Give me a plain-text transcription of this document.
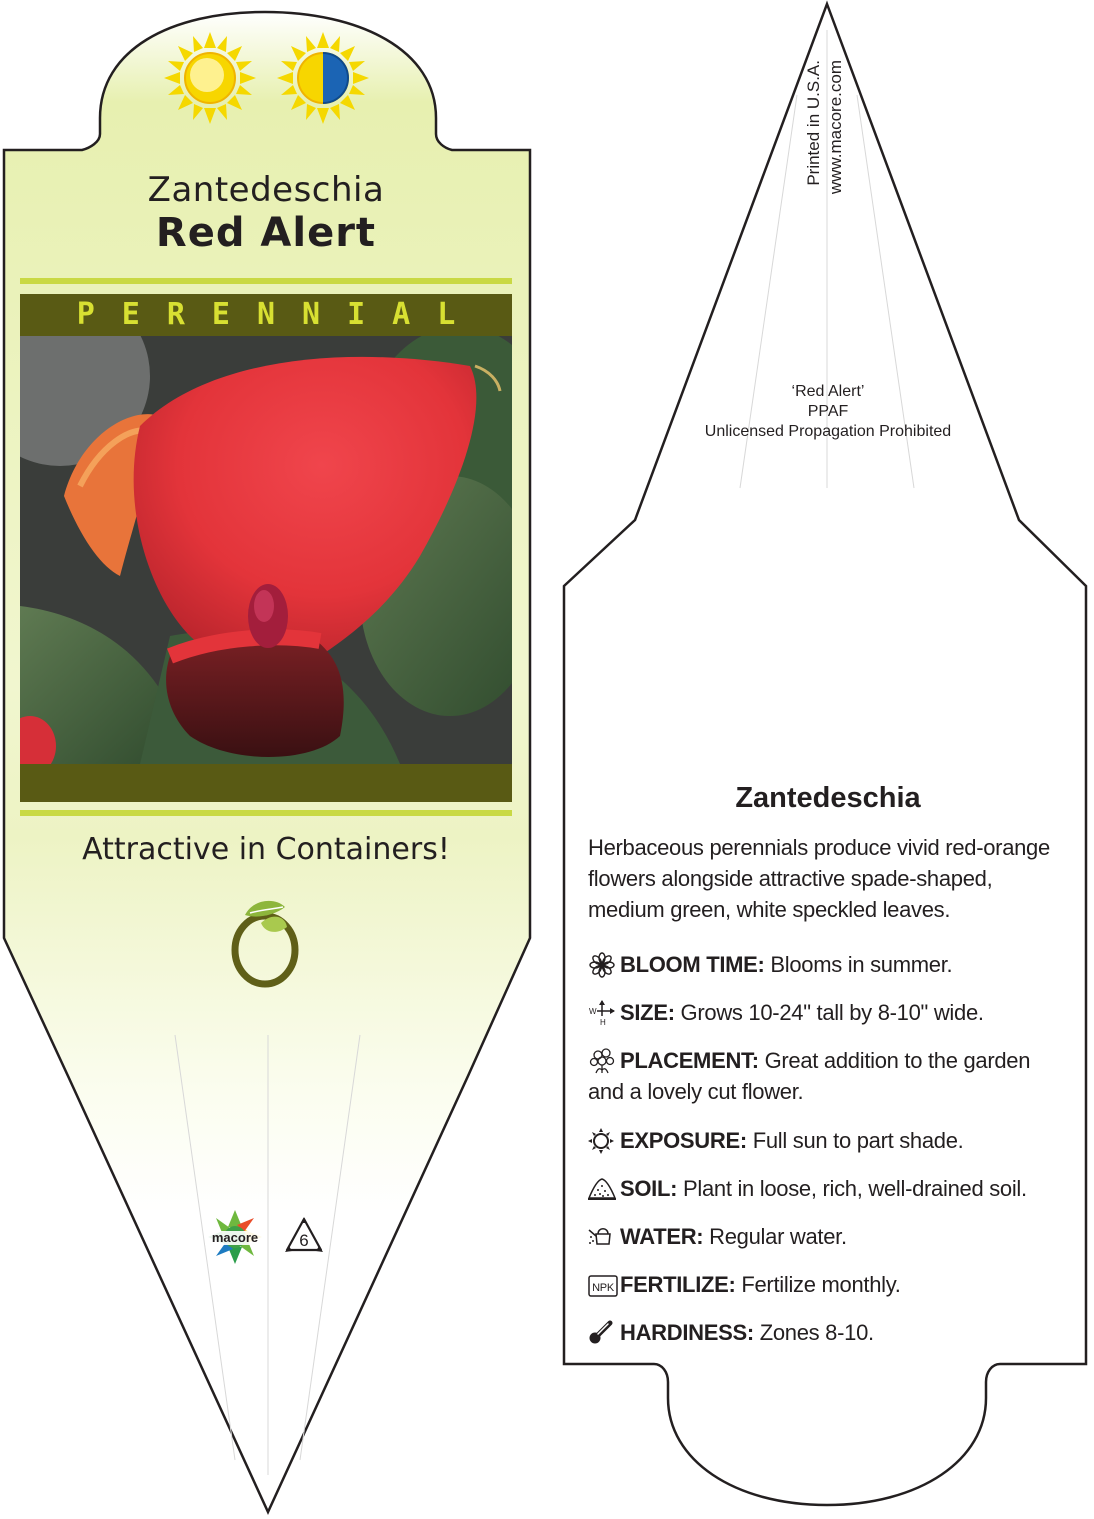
Zantedeschia
Red Alert
PERENNIAL
Attractive in Containers!
macore 6
Printed in U.S.A. www.macore.com
‘Red Alert’
PPAF
Unlicensed Propagation Prohibited
Zantedeschia
Herbaceous perennials produce vivid red-orange flowers alongside attractive spade-shaped, medium green, white speckled leaves.
BLOOM TIME: Blooms in summer.
W
H SIZE: Grows 10-24" tall by 8-10" wide.
PLACEMENT: Great addition to the garden and a lovely cut flower.
EXPOSURE: Full sun to part shade.
SOIL: Plant in loose, rich, well-drained soil.
WATER: Regular water.
NPK FERTILIZE: Fertilize monthly.
HARDINESS: Zones 8-10.
